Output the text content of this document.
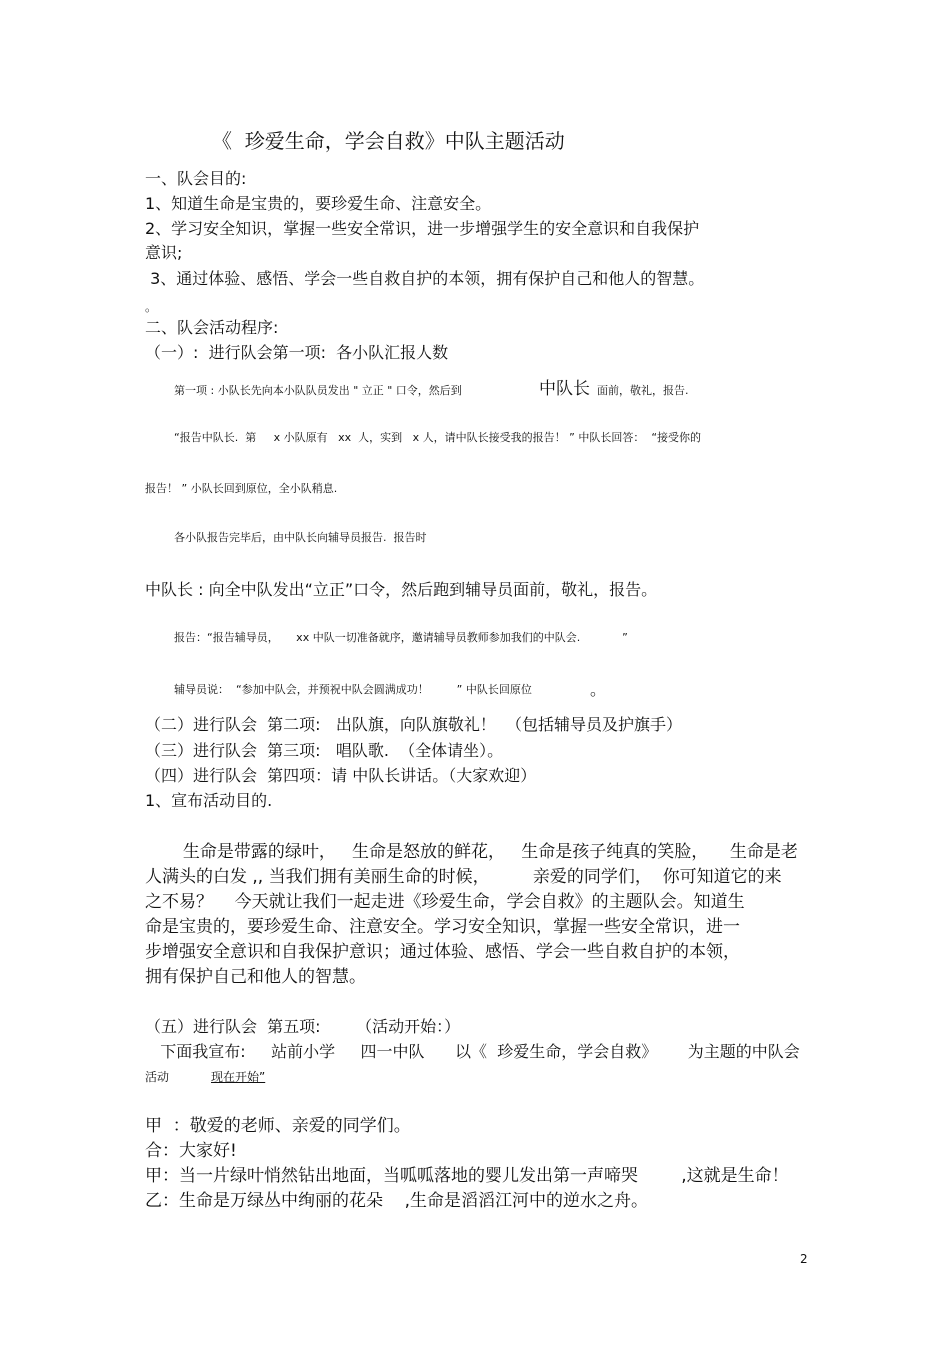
《  珍爱生命，学会自救》中队主题活动
一、队会目的:
1、知道生命是宝贵的，要珍爱生命、注意安全。
2、学习安全知识，掌握一些安全常识，进一步增强学生的安全意识和自我保护
意识;
3、通过体验、感悟、学会一些自救自护的本领，拥有保护自己和他人的智慧。
。
二、队会活动程序:
（一）:  进行队会第一项:  各小队汇报人数
第一项 : 小队长先向本小队队员发出 " 立正 " 口令，然后到	中队长 面前，敬礼，报告.
“报告中队长.  第     x 小队原有   xx  人，实到   x 人，请中队长接受我的报告！ ” 中队长回答：  “接受你的
报告！ ” 小队长回到原位，全小队稍息.
各小队报告完毕后，由中队长向辅导员报告.  报告时
中队长 : 向全中队发出“立正”口令，然后跑到辅导员面前，敬礼，报告。
报告：“报告辅导员，     xx 中队一切准备就序，邀请辅导员教师参加我们的中队会.            ”
辅导员说：  “参加中队会，并预祝中队会圆满成功！        ” 中队长回原位	。
（二）进行队会  第二项:   出队旗，向队旗敬礼！  （包括辅导员及护旗手）
（三）进行队会  第三项:   唱队歌.  （全体请坐）。
（四）进行队会  第四项：请 中队长讲话。（大家欢迎）
1、宣布活动目的.
生命是带露的绿叶，   生命是怒放的鲜花，   生命是孩子纯真的笑脸，    生命是老
人满头的白发 ,, 当我们拥有美丽生命的时候，        亲爱的同学们，  你可知道它的来
之不易？    今天就让我们一起走进《珍爱生命，学会自救》的主题队会。知道生
命是宝贵的，要珍爱生命、注意安全。学习安全知识，掌握一些安全常识，进一
步增强安全意识和自我保护意识；通过体验、感悟、学会一些自救自护的本领，
拥有保护自己和他人的智慧。
（五）进行队会  第五项:       （活动开始：）
下面我宣布:     站前小学     四一中队      以《  珍爱生命，学会自救》      为主题的中队会
活动	现在开始”
甲  ：敬爱的老师、亲爱的同学们。
合：大家好!
甲：当一片绿叶悄然钻出地面，当呱呱落地的婴儿发出第一声啼哭        ,这就是生命！
乙：生命是万绿丛中绚丽的花朵    ,生命是滔滔江河中的逆水之舟。
2
